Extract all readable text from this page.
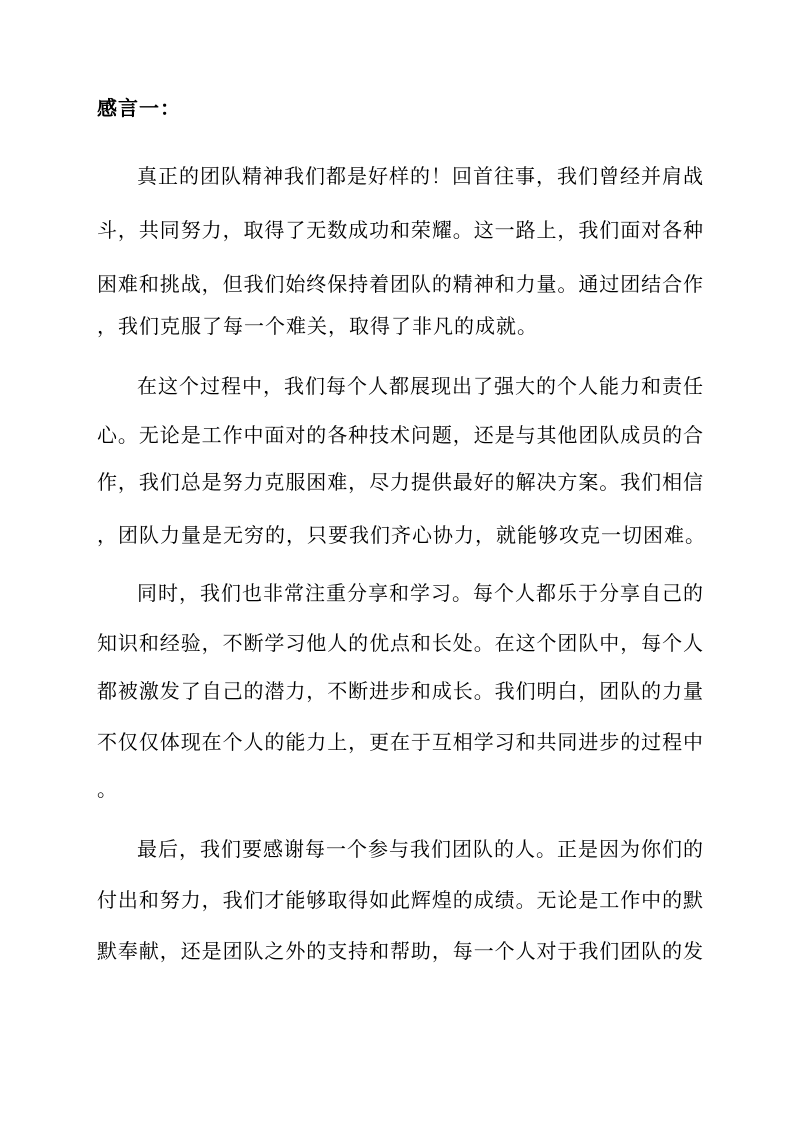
感言一：
真正的团队精神我们都是好样的！回首往事，我们曾经并肩战
斗，共同努力，取得了无数成功和荣耀。这一路上，我们面对各种
困难和挑战，但我们始终保持着团队的精神和力量。通过团结合作
，我们克服了每一个难关，取得了非凡的成就。
在这个过程中，我们每个人都展现出了强大的个人能力和责任
心。无论是工作中面对的各种技术问题，还是与其他团队成员的合
作，我们总是努力克服困难，尽力提供最好的解决方案。我们相信
，团队力量是无穷的，只要我们齐心协力，就能够攻克一切困难。
同时，我们也非常注重分享和学习。每个人都乐于分享自己的
知识和经验，不断学习他人的优点和长处。在这个团队中，每个人
都被激发了自己的潜力，不断进步和成长。我们明白，团队的力量
不仅仅体现在个人的能力上，更在于互相学习和共同进步的过程中
。
最后，我们要感谢每一个参与我们团队的人。正是因为你们的
付出和努力，我们才能够取得如此辉煌的成绩。无论是工作中的默
默奉献，还是团队之外的支持和帮助，每一个人对于我们团队的发
